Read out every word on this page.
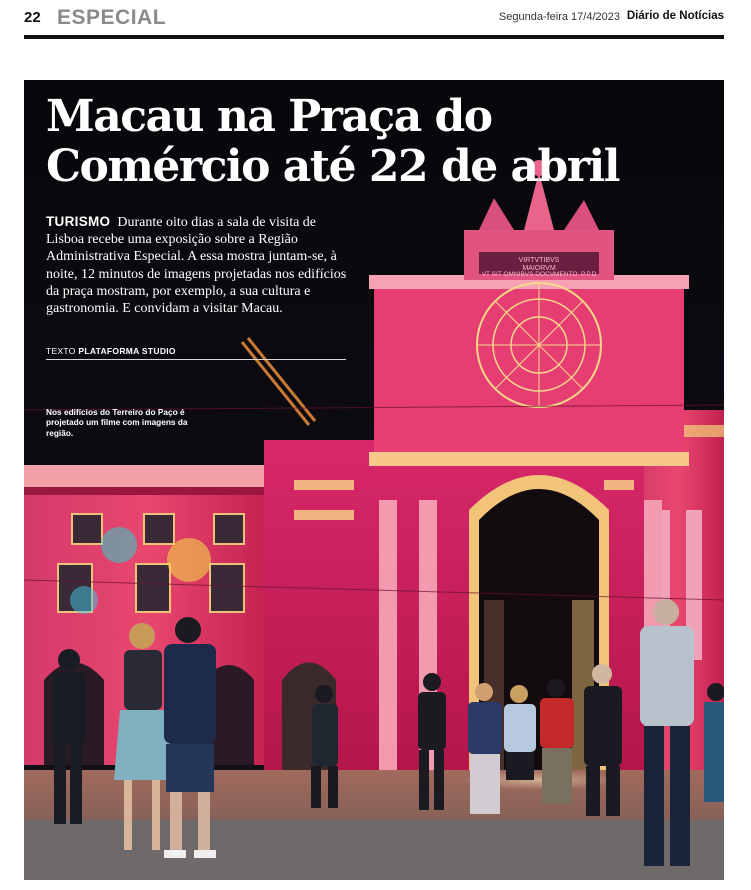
22 ESPECIAL	Segunda-feira 17/4/2023 Diário de Notícias
VIRTVTIBVS
MAIORVM
VT SIT OMNIBVS DOCVMENTO. P.P.D
Macau na Praça do Comércio até 22 de abril

TURISMO Durante oito dias a sala de visita de Lisboa recebe uma exposição sobre a Região Administrativa Especial. A essa mostra juntam-se, à noite, 12 minutos de imagens projetadas nos edifícios da praça mostram, por exemplo, a sua cultura e gastronomia. E convidam a visitar Macau.

TEXTO PLATAFORMA STUDIO

Nos edifícios do Terreiro do Paço é projetado um filme com imagens da região.
